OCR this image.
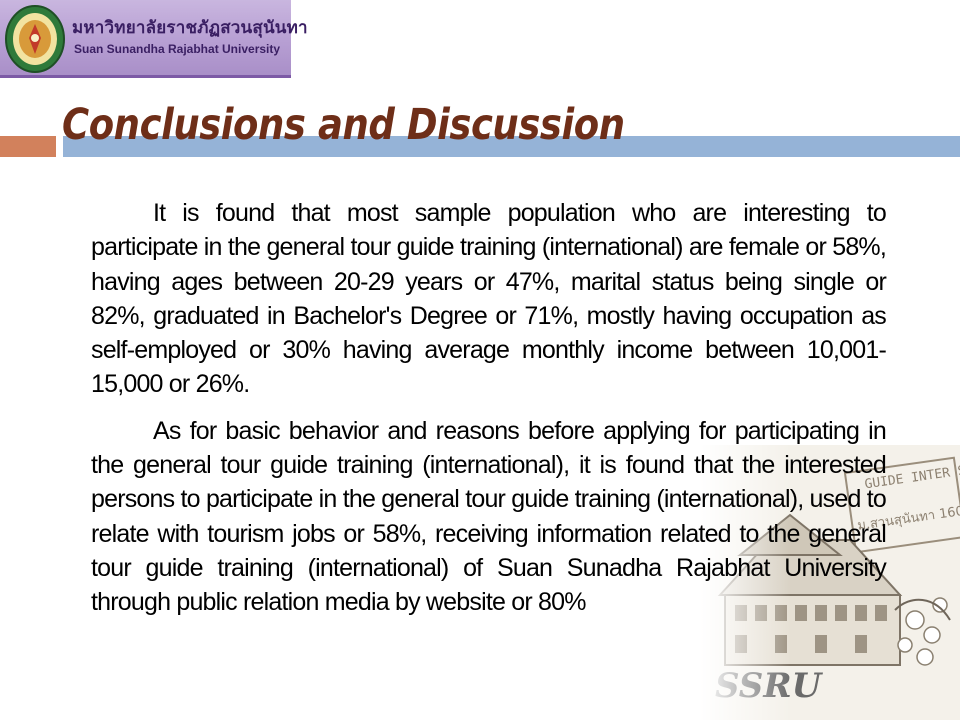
มหาวิทยาลัยราชภัฏสวนสุนันทา
Suan Sunandha Rajabhat University
Conclusions and Discussion

It is found that most sample population who are interesting to participate in the general tour guide training (international) are female or 58%, having ages between 20-29 years or 47%, marital status being single or 82%, graduated in Bachelor's Degree or 71%, mostly having occupation as self-employed or 30% having average monthly income between 10,001-15,000 or 26%.

As for basic behavior and reasons before applying for participating in the general tour guide training (international), it is found that the interested persons to participate in the general tour guide training (international), used to relate with tourism jobs or 58%, receiving information related to the general tour guide training (international) of Suan Sunadha Rajabhat University through public relation media by website or 80%
